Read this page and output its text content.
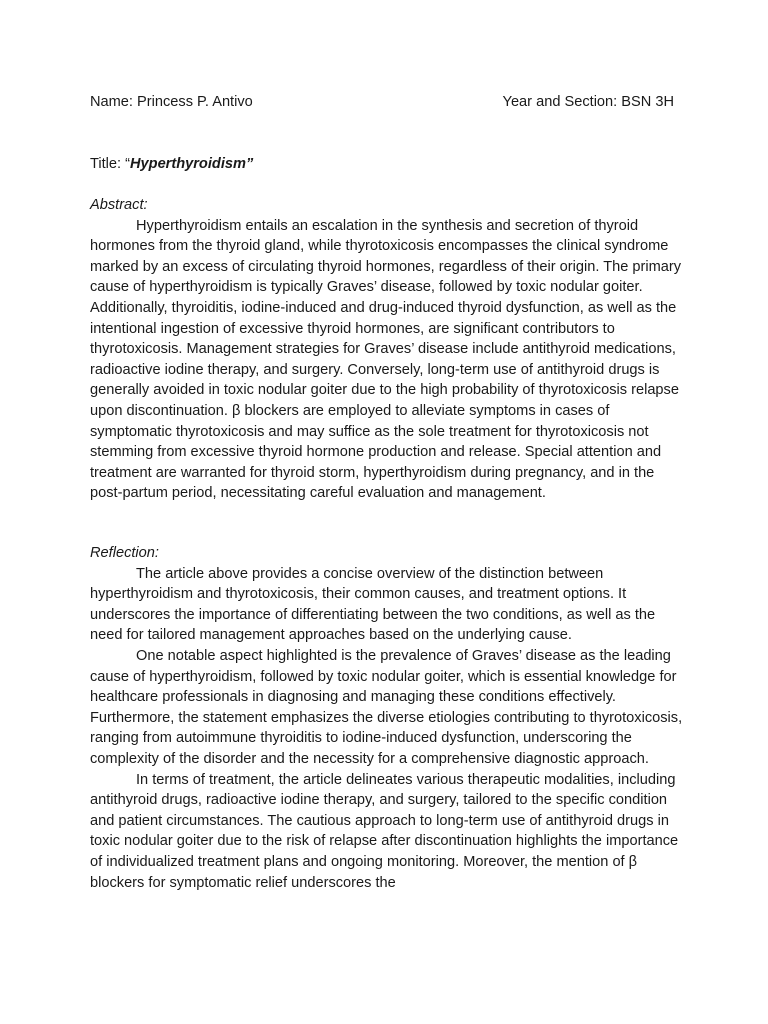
Name: Princess P. Antivo	Year and Section: BSN 3H
Title: “Hyperthyroidism”
Abstract:

Hyperthyroidism entails an escalation in the synthesis and secretion of thyroid hormones from the thyroid gland, while thyrotoxicosis encompasses the clinical syndrome marked by an excess of circulating thyroid hormones, regardless of their origin. The primary cause of hyperthyroidism is typically Graves’ disease, followed by toxic nodular goiter. Additionally, thyroiditis, iodine-induced and drug-induced thyroid dysfunction, as well as the intentional ingestion of excessive thyroid hormones, are significant contributors to thyrotoxicosis. Management strategies for Graves’ disease include antithyroid medications, radioactive iodine therapy, and surgery. Conversely, long-term use of antithyroid drugs is generally avoided in toxic nodular goiter due to the high probability of thyrotoxicosis relapse upon discontinuation. β blockers are employed to alleviate symptoms in cases of symptomatic thyrotoxicosis and may suffice as the sole treatment for thyrotoxicosis not stemming from excessive thyroid hormone production and release. Special attention and treatment are warranted for thyroid storm, hyperthyroidism during pregnancy, and in the post-partum period, necessitating careful evaluation and management.

Reflection:

The article above provides a concise overview of the distinction between hyperthyroidism and thyrotoxicosis, their common causes, and treatment options. It underscores the importance of differentiating between the two conditions, as well as the need for tailored management approaches based on the underlying cause.

One notable aspect highlighted is the prevalence of Graves’ disease as the leading cause of hyperthyroidism, followed by toxic nodular goiter, which is essential knowledge for healthcare professionals in diagnosing and managing these conditions effectively. Furthermore, the statement emphasizes the diverse etiologies contributing to thyrotoxicosis, ranging from autoimmune thyroiditis to iodine-induced dysfunction, underscoring the complexity of the disorder and the necessity for a comprehensive diagnostic approach.

In terms of treatment, the article delineates various therapeutic modalities, including antithyroid drugs, radioactive iodine therapy, and surgery, tailored to the specific condition and patient circumstances. The cautious approach to long-term use of antithyroid drugs in toxic nodular goiter due to the risk of relapse after discontinuation highlights the importance of individualized treatment plans and ongoing monitoring. Moreover, the mention of β blockers for symptomatic relief underscores the
